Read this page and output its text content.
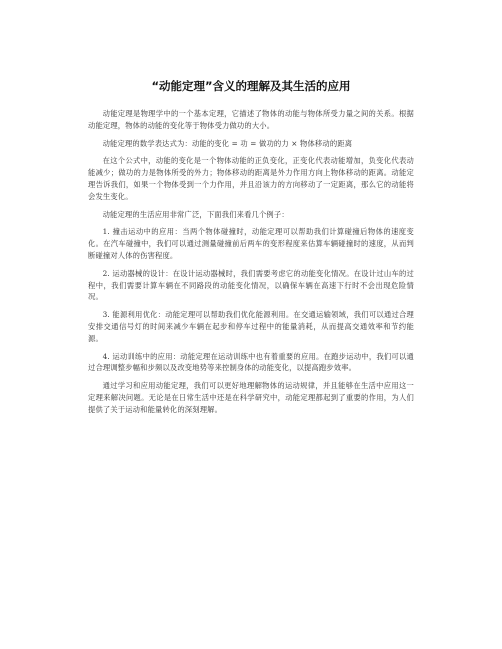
“动能定理”含义的理解及其生活的应用

动能定理是物理学中的一个基本定理，它描述了物体的动能与物体所受力量之间的关系。根据动能定理，物体的动能的变化等于物体受力做功的大小。

动能定理的数学表达式为：动能的变化 = 功 = 做功的力 × 物体移动的距离

在这个公式中，动能的变化是一个物体动能的正负变化，正变化代表动能增加，负变化代表动能减少；做功的力是物体所受的外力；物体移动的距离是外力作用方向上物体移动的距离。动能定理告诉我们，如果一个物体受到一个力作用，并且沿该力的方向移动了一定距离，那么它的动能将会发生变化。

动能定理的生活应用非常广泛，下面我们来看几个例子：

1. 撞击运动中的应用：当两个物体碰撞时，动能定理可以帮助我们计算碰撞后物体的速度变化。在汽车碰撞中，我们可以通过测量碰撞前后两车的变形程度来估算车辆碰撞时的速度，从而判断碰撞对人体的伤害程度。

2. 运动器械的设计：在设计运动器械时，我们需要考虑它的动能变化情况。在设计过山车的过程中，我们需要计算车辆在不同路段的动能变化情况，以确保车辆在高速下行时不会出现危险情况。

3. 能源利用优化：动能定理可以帮助我们优化能源利用。在交通运输领域，我们可以通过合理安排交通信号灯的时间来减少车辆在起步和停车过程中的能量消耗，从而提高交通效率和节约能源。

4. 运动训练中的应用：动能定理在运动训练中也有着重要的应用。在跑步运动中，我们可以通过合理调整步幅和步频以及改变地势等来控制身体的动能变化，以提高跑步效率。

通过学习和应用动能定理，我们可以更好地理解物体的运动规律，并且能够在生活中应用这一定理来解决问题。无论是在日常生活中还是在科学研究中，动能定理都起到了重要的作用，为人们提供了关于运动和能量转化的深刻理解。
